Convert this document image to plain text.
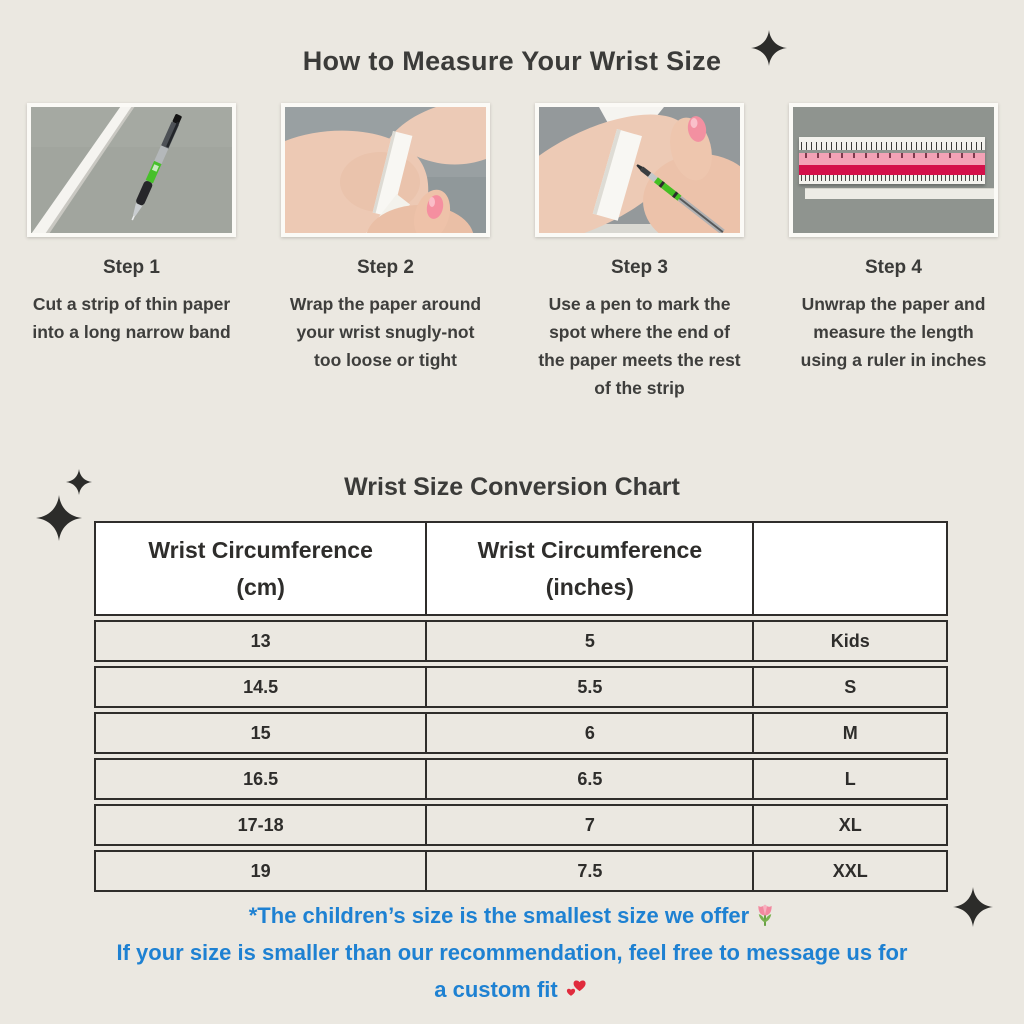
How to Measure Your Wrist Size
Step 1
Cut a strip of thin paper into a long narrow band
Step 2
Wrap the paper around your wrist snugly-not too loose or tight
Step 3
Use a pen to mark the spot where the end of the paper meets the rest of the strip
Step 4
Unwrap the paper and measure the length using a ruler in inches
Wrist Size Conversion Chart
Wrist Circumference
(cm)
Wrist Circumference
(inches)
13	5	Kids
14.5	5.5	S
15	6	M
16.5	6.5	L
17-18	7	XL
19	7.5	XXL
*The children’s size is the smallest size we offer
If your size is smaller than our recommendation, feel free to message us for
a custom fit
